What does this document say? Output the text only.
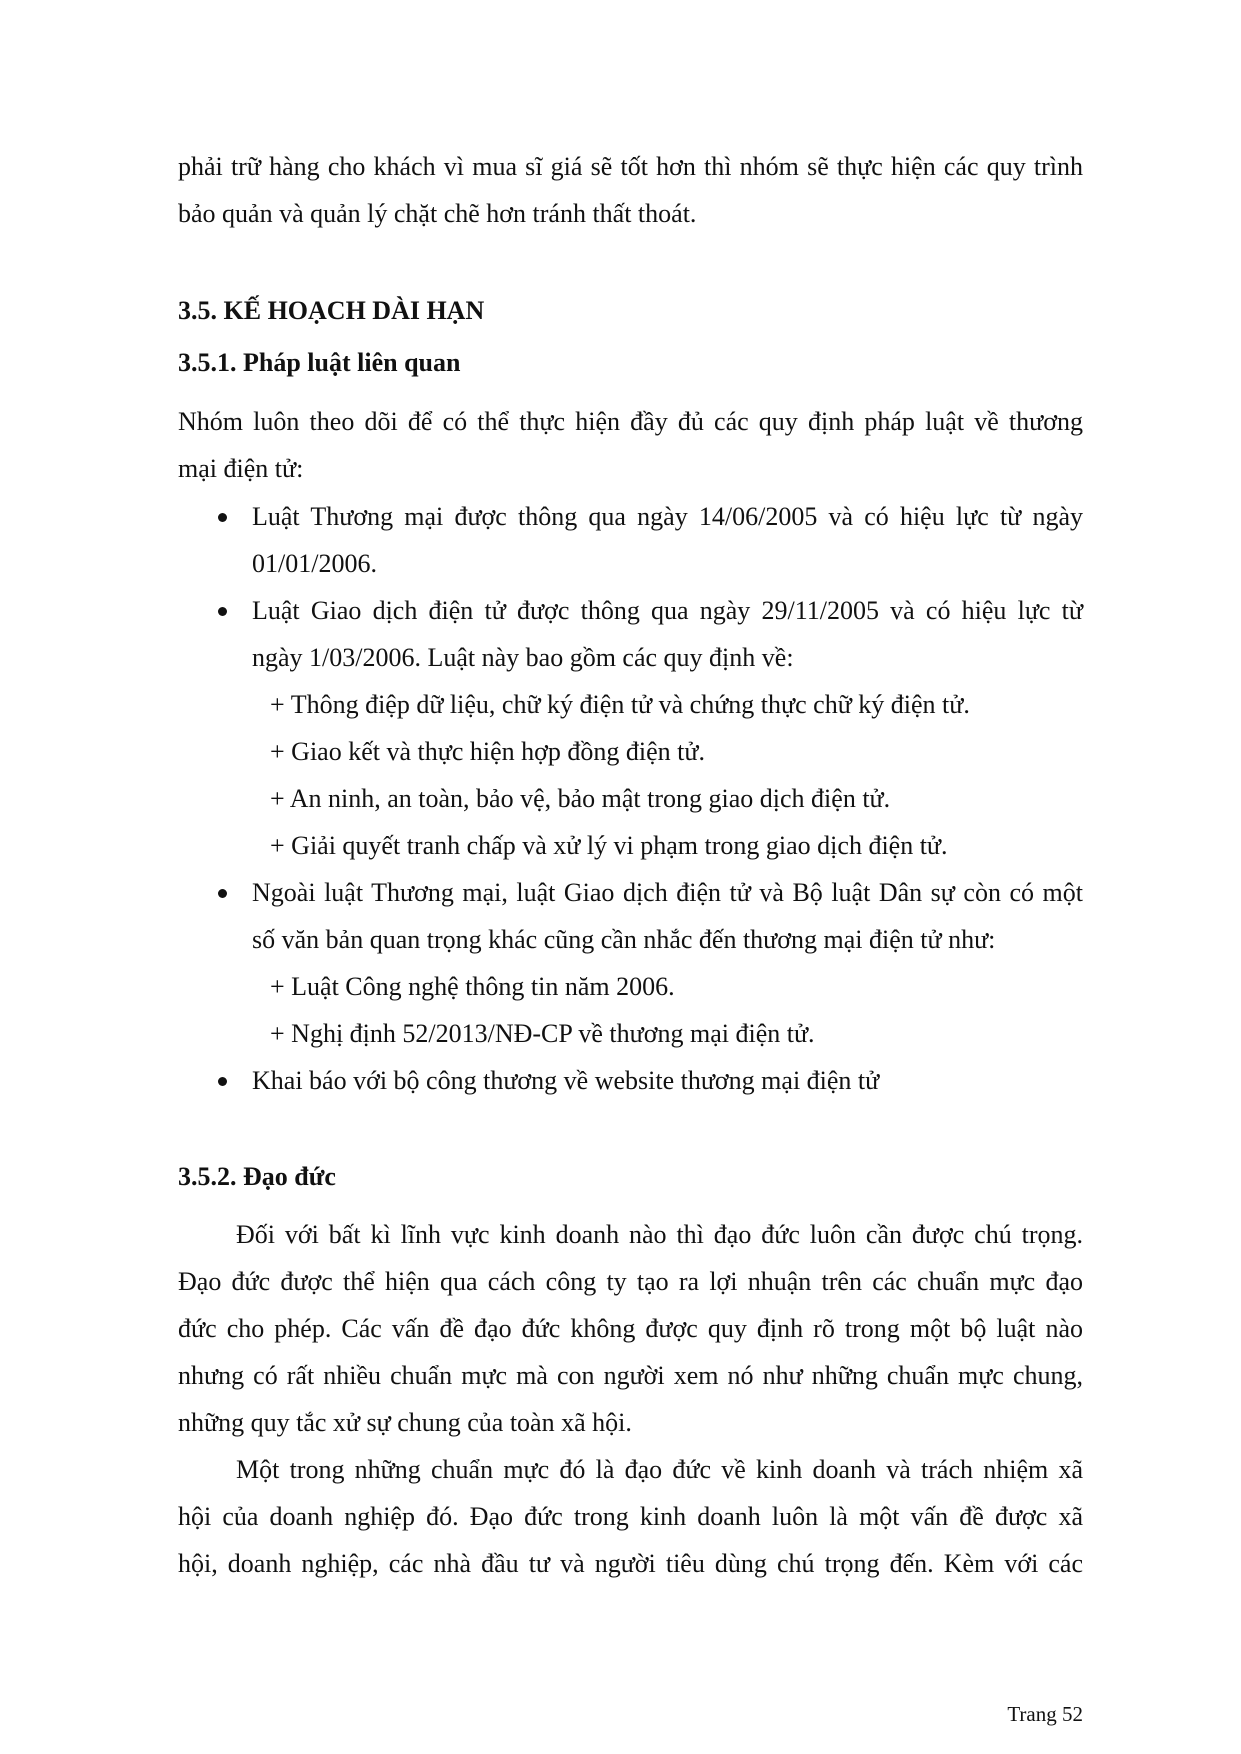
phải trữ hàng cho khách vì mua sĩ giá sẽ tốt hơn thì nhóm sẽ thực hiện các quy trình
bảo quản và quản lý chặt chẽ hơn tránh thất thoát.
3.5. KẾ HOẠCH DÀI HẠN
3.5.1. Pháp luật liên quan
Nhóm luôn theo dõi để có thể thực hiện đầy đủ các quy định pháp luật về thương
mại điện tử:
Luật Thương mại được thông qua ngày 14/06/2005 và có hiệu lực từ ngày
01/01/2006.
Luật Giao dịch điện tử được thông qua ngày 29/11/2005 và có hiệu lực từ
ngày 1/03/2006. Luật này bao gồm các quy định về:
+ Thông điệp dữ liệu, chữ ký điện tử và chứng thực chữ ký điện tử.
+ Giao kết và thực hiện hợp đồng điện tử.
+ An ninh, an toàn, bảo vệ, bảo mật trong giao dịch điện tử.
+ Giải quyết tranh chấp và xử lý vi phạm trong giao dịch điện tử.
Ngoài luật Thương mại, luật Giao dịch điện tử và Bộ luật Dân sự còn có một
số văn bản quan trọng khác cũng cần nhắc đến thương mại điện tử như:
+ Luật Công nghệ thông tin năm 2006.
+ Nghị định 52/2013/NĐ-CP về thương mại điện tử.
Khai báo với bộ công thương về website thương mại điện tử
3.5.2. Đạo đức
Đối với bất kì lĩnh vực kinh doanh nào thì đạo đức luôn cần được chú trọng.
Đạo đức được thể hiện qua cách công ty tạo ra lợi nhuận trên các chuẩn mực đạo
đức cho phép. Các vấn đề đạo đức không được quy định rõ trong một bộ luật nào
nhưng có rất nhiều chuẩn mực mà con người xem nó như những chuẩn mực chung,
những quy tắc xử sự chung của toàn xã hội.
Một trong những chuẩn mực đó là đạo đức về kinh doanh và trách nhiệm xã
hội của doanh nghiệp đó. Đạo đức trong kinh doanh luôn là một vấn đề được xã
hội, doanh nghiệp, các nhà đầu tư và người tiêu dùng chú trọng đến. Kèm với các
Trang 52
